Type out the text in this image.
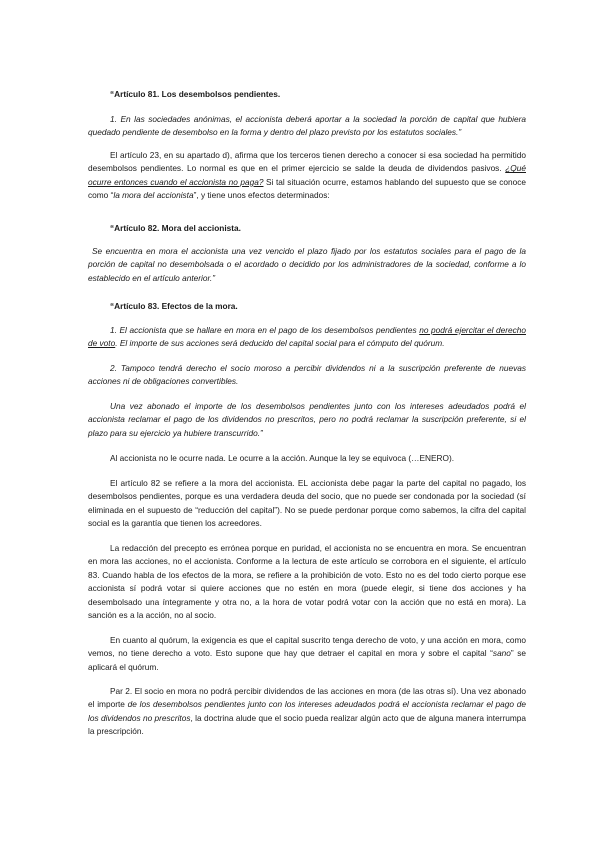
“Artículo 81. Los desembolsos pendientes.

1. En las sociedades anónimas, el accionista deberá aportar a la sociedad la porción de capital que hubiera quedado pendiente de desembolso en la forma y dentro del plazo previsto por los estatutos sociales.”

El artículo 23, en su apartado d), afirma que los terceros tienen derecho a conocer si esa sociedad ha permitido desembolsos pendientes. Lo normal es que en el primer ejercicio se salde la deuda de dividendos pasivos. ¿Qué ocurre entonces cuando el accionista no paga? Si tal situación ocurre, estamos hablando del supuesto que se conoce como “la mora del accionista”, y tiene unos efectos determinados:

“Artículo 82. Mora del accionista.

Se encuentra en mora el accionista una vez vencido el plazo fijado por los estatutos sociales para el pago de la porción de capital no desembolsada o el acordado o decidido por los administradores de la sociedad, conforme a lo establecido en el artículo anterior.”

“Artículo 83. Efectos de la mora.

1. El accionista que se hallare en mora en el pago de los desembolsos pendientes no podrá ejercitar el derecho de voto. El importe de sus acciones será deducido del capital social para el cómputo del quórum.

2. Tampoco tendrá derecho el socio moroso a percibir dividendos ni a la suscripción preferente de nuevas acciones ni de obligaciones convertibles.

Una vez abonado el importe de los desembolsos pendientes junto con los intereses adeudados podrá el accionista reclamar el pago de los dividendos no prescritos, pero no podrá reclamar la suscripción preferente, si el plazo para su ejercicio ya hubiere transcurrido.”

Al accionista no le ocurre nada. Le ocurre a la acción. Aunque la ley se equivoca (…ENERO).

El artículo 82 se refiere a la mora del accionista. EL accionista debe pagar la parte del capital no pagado, los desembolsos pendientes, porque es una verdadera deuda del socio, que no puede ser condonada por la sociedad (sí eliminada en el supuesto de “reducción del capital”). No se puede perdonar porque como sabemos, la cifra del capital social es la garantía que tienen los acreedores.

La redacción del precepto es errónea porque en puridad, el accionista no se encuentra en mora. Se encuentran en mora las acciones, no el accionista. Conforme a la lectura de este artículo se corrobora en el siguiente, el artículo 83. Cuando habla de los efectos de la mora, se refiere a la prohibición de voto. Esto no es del todo cierto porque ese accionista sí podrá votar si quiere acciones que no estén en mora (puede elegir, si tiene dos acciones y ha desembolsado una íntegramente y otra no, a la hora de votar podrá votar con la acción que no está en mora). La sanción es a la acción, no al socio.

En cuanto al quórum, la exigencia es que el capital suscrito tenga derecho de voto, y una acción en mora, como vemos, no tiene derecho a voto. Esto supone que hay que detraer el capital en mora y sobre el capital “sano” se aplicará el quórum.

Par 2. El socio en mora no podrá percibir dividendos de las acciones en mora (de las otras sí). Una vez abonado el importe de los desembolsos pendientes junto con los intereses adeudados podrá el accionista reclamar el pago de los dividendos no prescritos, la doctrina alude que el socio pueda realizar algún acto que de alguna manera interrumpa la prescripción.
